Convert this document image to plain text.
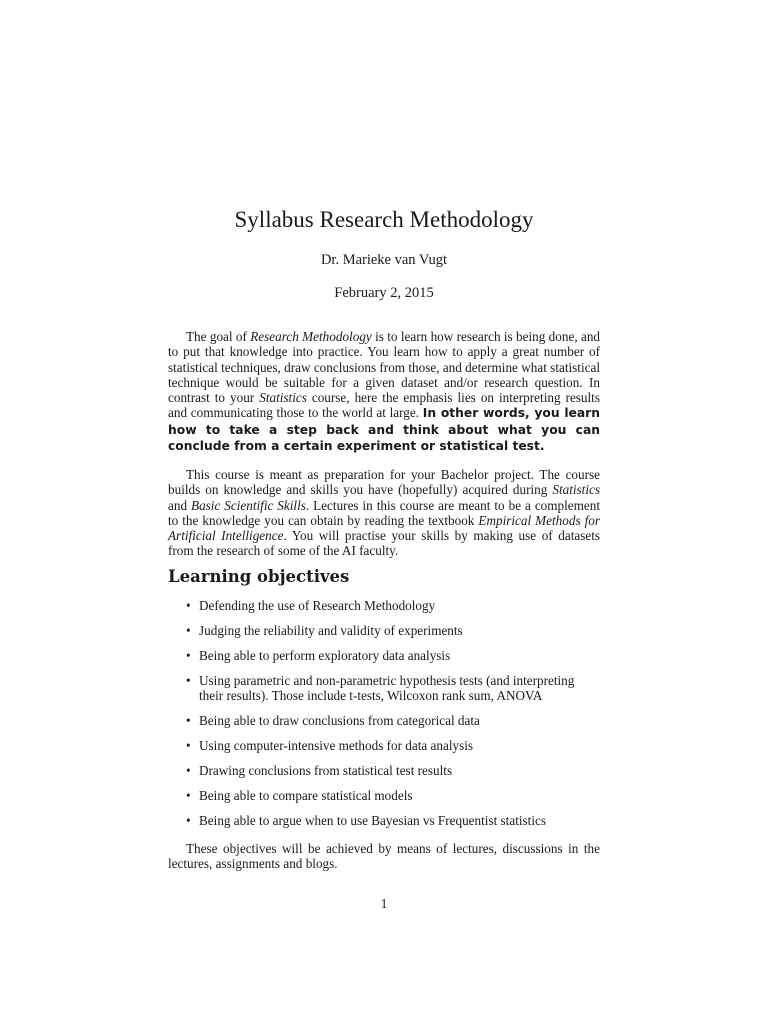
Syllabus Research Methodology
Dr. Marieke van Vugt
February 2, 2015

The goal of Research Methodology is to learn how research is being done, and to put that knowledge into practice. You learn how to apply a great number of statistical techniques, draw conclusions from those, and determine what statistical technique would be suitable for a given dataset and/or research question. In contrast to your Statistics course, here the emphasis lies on interpreting results and communicating those to the world at large. In other words, you learn how to take a step back and think about what you can conclude from a certain experiment or statistical test.

This course is meant as preparation for your Bachelor project. The course builds on knowledge and skills you have (hopefully) acquired during Statistics and Basic Scientific Skills. Lectures in this course are meant to be a complement to the knowledge you can obtain by reading the textbook Empirical Methods for Artificial Intelligence. You will practise your skills by making use of datasets from the research of some of the AI faculty.

Learning objectives
• Defending the use of Research Methodology
• Judging the reliability and validity of experiments
• Being able to perform exploratory data analysis
• Using parametric and non-parametric hypothesis tests (and interpreting their results). Those include t-tests, Wilcoxon rank sum, ANOVA
• Being able to draw conclusions from categorical data
• Using computer-intensive methods for data analysis
• Drawing conclusions from statistical test results
• Being able to compare statistical models
• Being able to argue when to use Bayesian vs Frequentist statistics

These objectives will be achieved by means of lectures, discussions in the lectures, assignments and blogs.

1
